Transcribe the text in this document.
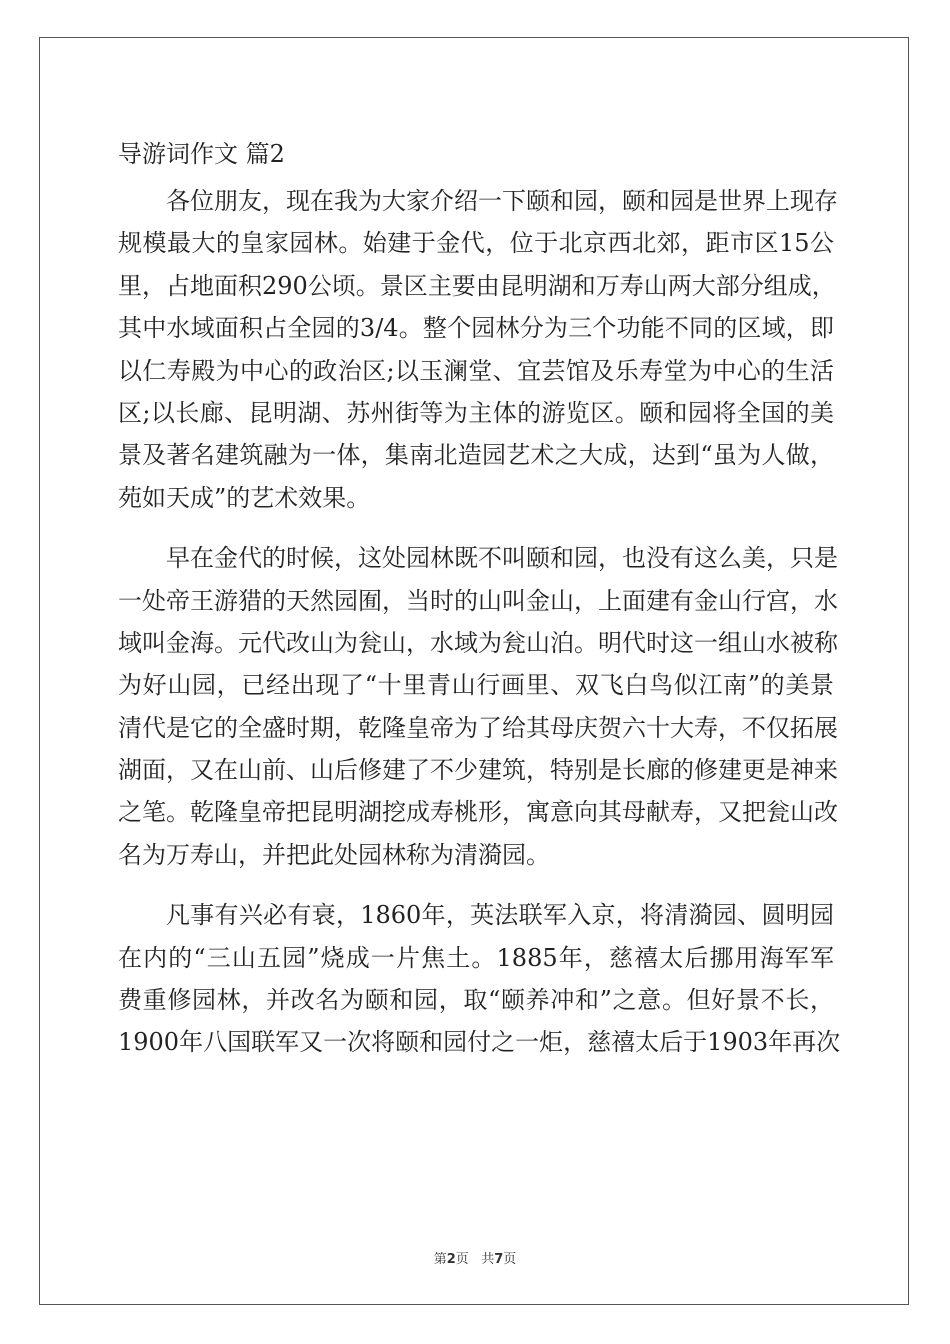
导游词作文 篇2
各位朋友，现在我为大家介绍一下颐和园，颐和园是世界上现存
规模最大的皇家园林。始建于金代，位于北京西北郊，距市区15公
里，占地面积290公顷。景区主要由昆明湖和万寿山两大部分组成，
其中水域面积占全园的3/4。整个园林分为三个功能不同的区域，即
以仁寿殿为中心的政治区;以玉澜堂、宜芸馆及乐寿堂为中心的生活
区;以长廊、昆明湖、苏州街等为主体的游览区。颐和园将全国的美
景及著名建筑融为一体，集南北造园艺术之大成，达到“虽为人做，
苑如天成”的艺术效果。
早在金代的时候，这处园林既不叫颐和园，也没有这么美，只是
一处帝王游猎的天然园囿，当时的山叫金山，上面建有金山行宫，水
域叫金海。元代改山为瓮山，水域为瓮山泊。明代时这一组山水被称
为好山园，已经出现了“十里青山行画里、双飞白鸟似江南”的美景
清代是它的全盛时期，乾隆皇帝为了给其母庆贺六十大寿，不仅拓展
湖面，又在山前、山后修建了不少建筑，特别是长廊的修建更是神来
之笔。乾隆皇帝把昆明湖挖成寿桃形，寓意向其母献寿，又把瓮山改
名为万寿山，并把此处园林称为清漪园。
凡事有兴必有衰，1860年，英法联军入京，将清漪园、圆明园
在内的“三山五园”烧成一片焦土。1885年，慈禧太后挪用海军军
费重修园林，并改名为颐和园，取“颐养冲和”之意。但好景不长，
1900年八国联军又一次将颐和园付之一炬，慈禧太后于1903年再次
第2页   共7页
